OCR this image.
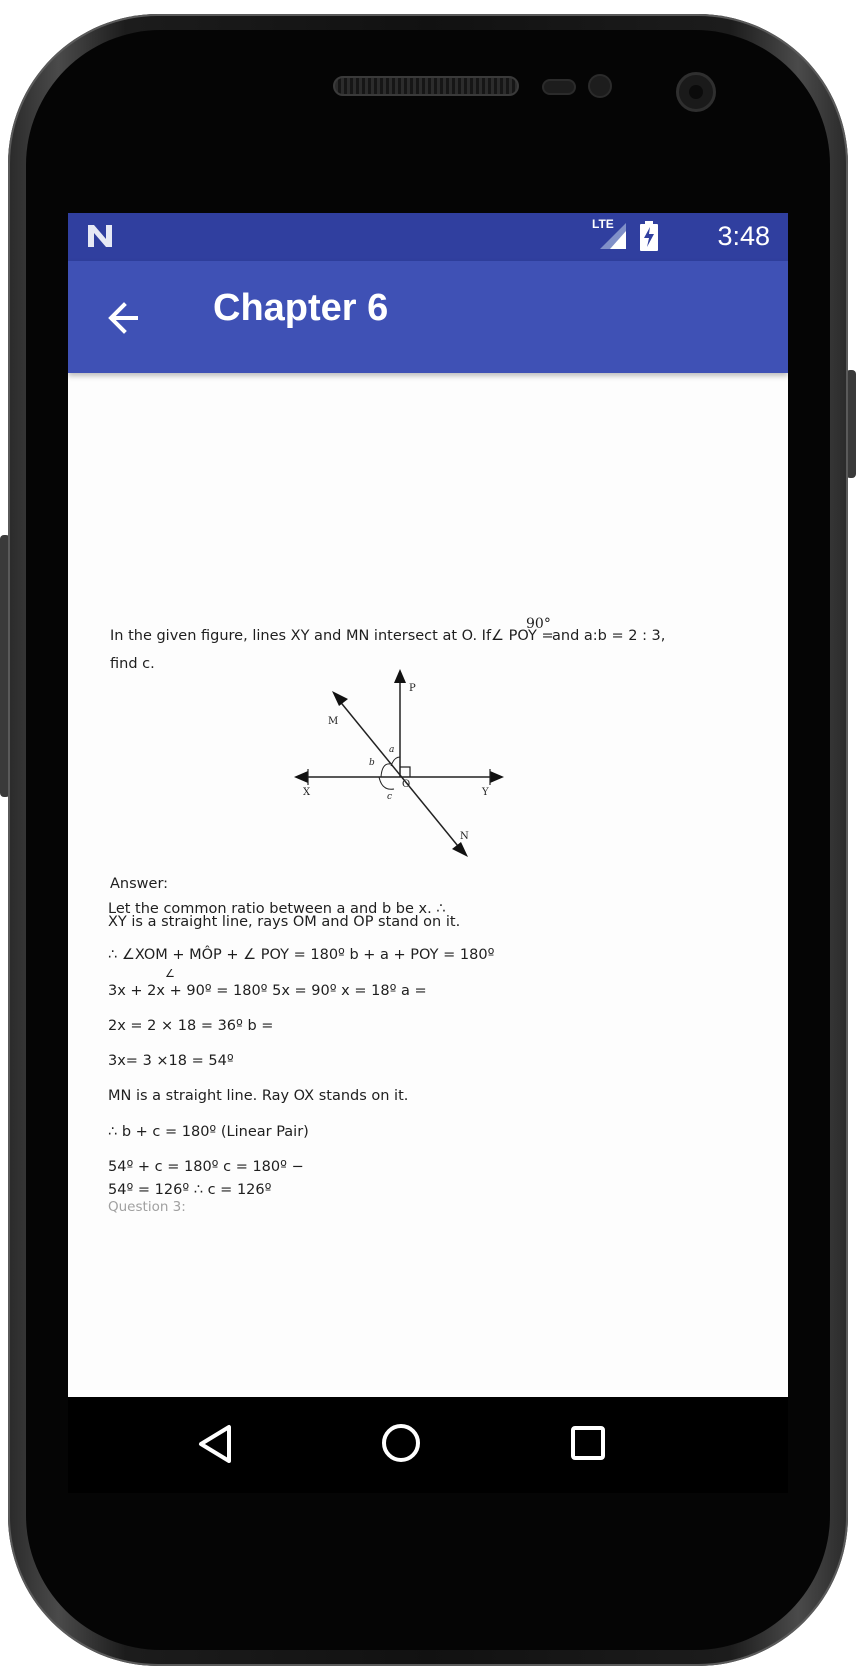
LTE	3:48
Chapter 6
In the given figure, lines XY and MN intersect at O. If∠ POY =
90°
and a:b = 2 : 3,
find c.
P
M
X	Y
N
O
a
b
c
Answer:
Let the common ratio between a and b be x. ∴
XY is a straight line, rays OM and OP stand on it.
∴ ∠XOM + MÔP + ∠ POY = 180º b + a + POY = 180º
∠
3x + 2x + 90º = 180º 5x = 90º x = 18º a =
2x = 2 × 18 = 36º b =
3x= 3 ×18 = 54º
MN is a straight line. Ray OX stands on it.
∴ b + c = 180º (Linear Pair)
54º + c = 180º c = 180º −
54º = 126º ∴ c = 126º
Question 3:
